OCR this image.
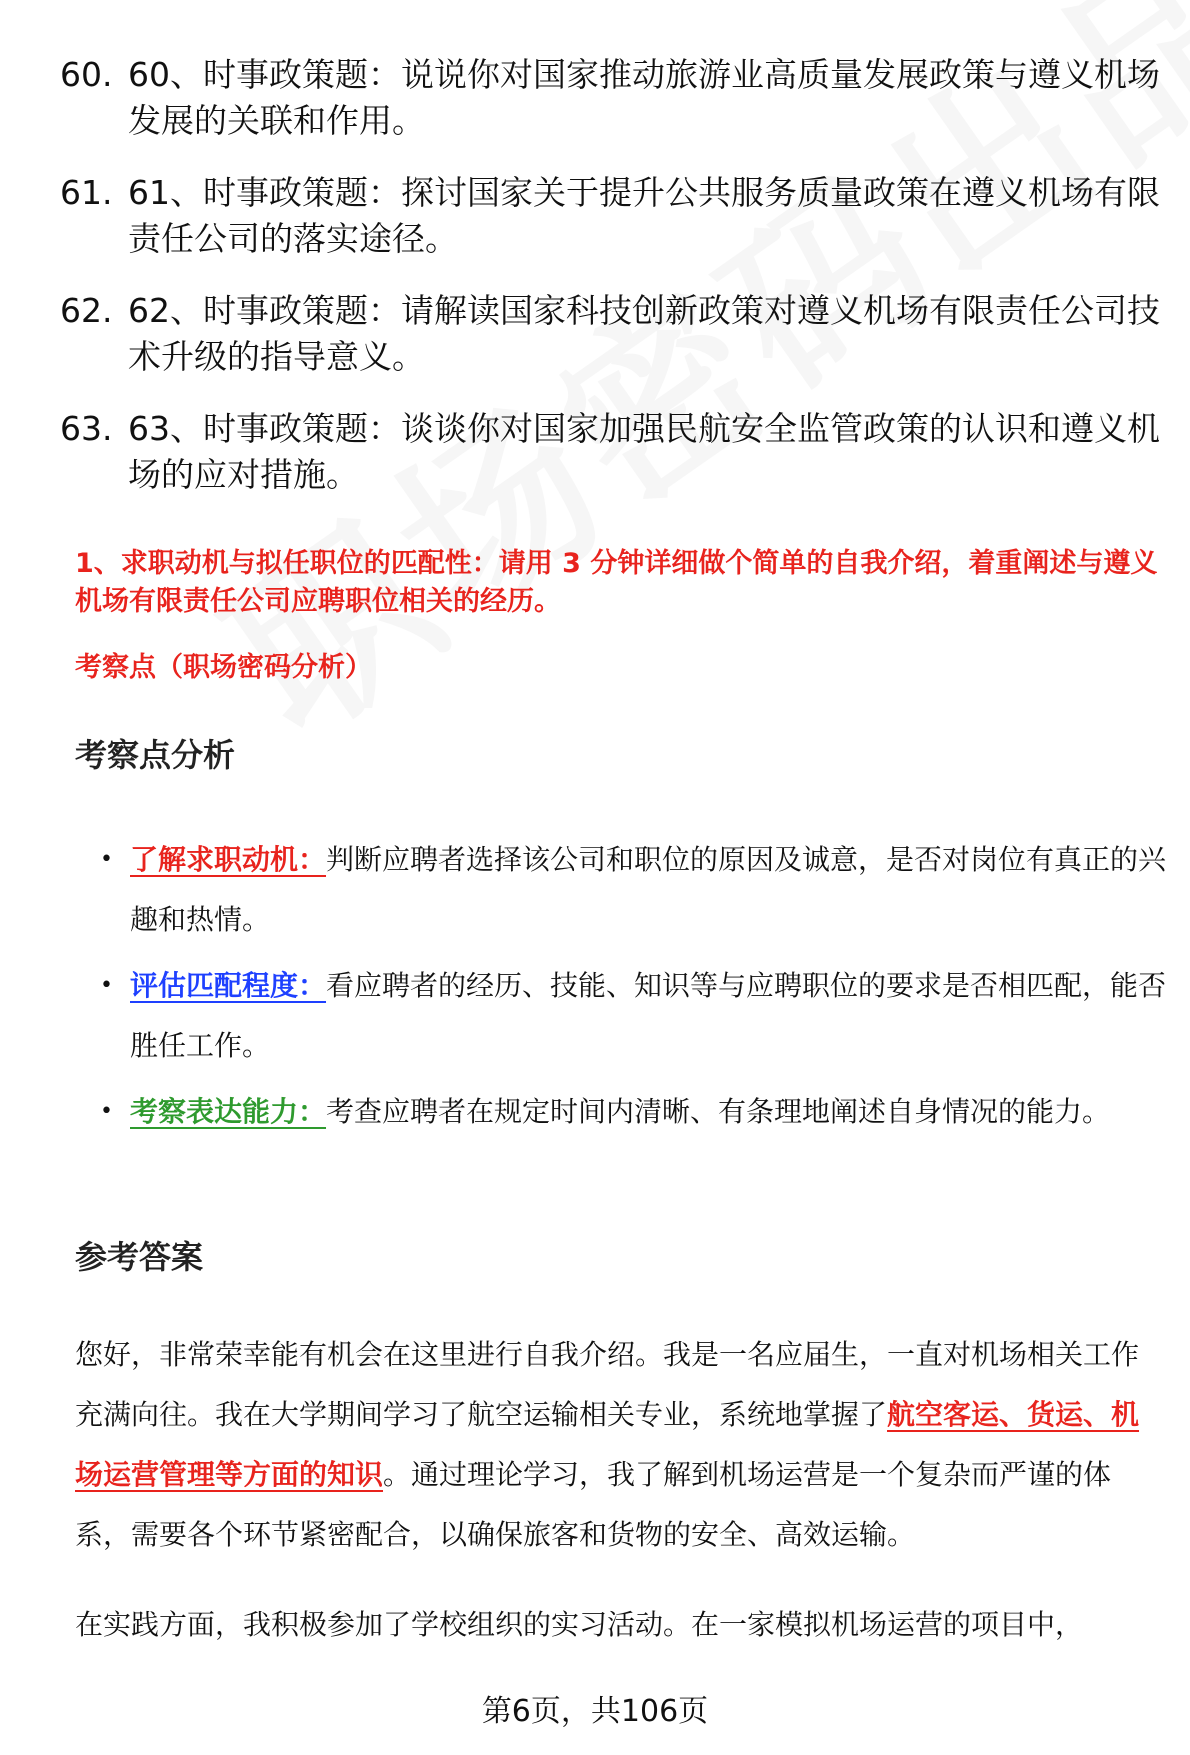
60. 60、时事政策题：说说你对国家推动旅游业高质量发展政策与遵义机场发展的关联和作用。
61. 61、时事政策题：探讨国家关于提升公共服务质量政策在遵义机场有限责任公司的落实途径。
62. 62、时事政策题：请解读国家科技创新政策对遵义机场有限责任公司技术升级的指导意义。
63. 63、时事政策题：谈谈你对国家加强民航安全监管政策的认识和遵义机场的应对措施。
1、求职动机与拟任职位的匹配性：请用 3 分钟详细做个简单的自我介绍，着重阐述与遵义机场有限责任公司应聘职位相关的经历。
考察点（职场密码分析）
考察点分析
• 了解求职动机：判断应聘者选择该公司和职位的原因及诚意，是否对岗位有真正的兴趣和热情。
• 评估匹配程度：看应聘者的经历、技能、知识等与应聘职位的要求是否相匹配，能否胜任工作。
• 考察表达能力：考查应聘者在规定时间内清晰、有条理地阐述自身情况的能力。
参考答案

您好，非常荣幸能有机会在这里进行自我介绍。我是一名应届生，一直对机场相关工作充满向往。我在大学期间学习了航空运输相关专业，系统地掌握了航空客运、货运、机场运营管理等方面的知识。通过理论学习，我了解到机场运营是一个复杂而严谨的体系，需要各个环节紧密配合，以确保旅客和货物的安全、高效运输。

在实践方面，我积极参加了学校组织的实习活动。在一家模拟机场运营的项目中，

第6页，共106页
